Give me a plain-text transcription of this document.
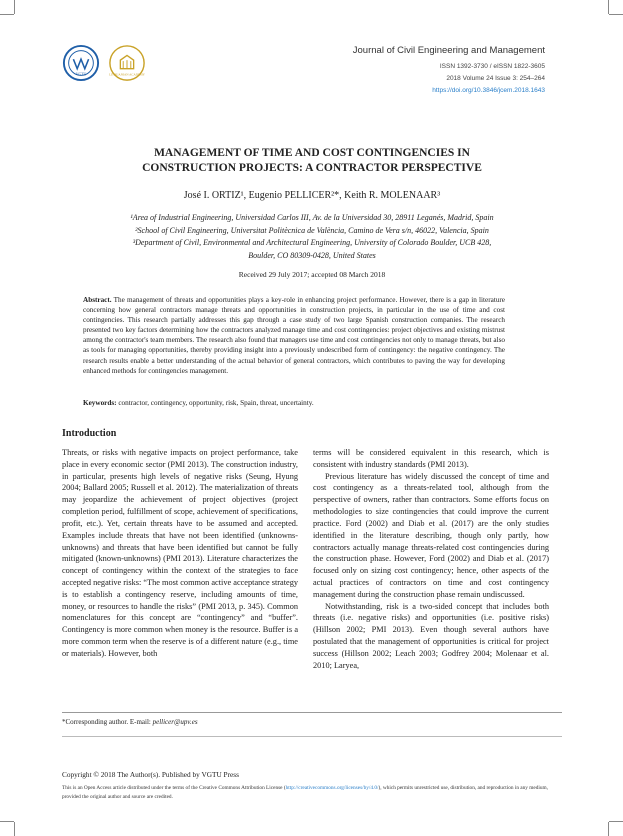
VGTU	LITHUANIAN ACADEMY
Journal of Civil Engineering and Management
ISSN 1392-3730 / eISSN 1822-3605
2018 Volume 24 Issue 3: 254–264
https://doi.org/10.3846/jcem.2018.1643
MANAGEMENT OF TIME AND COST CONTINGENCIES IN
CONSTRUCTION PROJECTS: A CONTRACTOR PERSPECTIVE
José I. ORTIZ¹, Eugenio PELLICER²*, Keith R. MOLENAAR³
¹Area of Industrial Engineering, Universidad Carlos III, Av. de la Universidad 30, 28911 Leganés, Madrid, Spain
²School of Civil Engineering, Universitat Politècnica de València, Camino de Vera s/n, 46022, Valencia, Spain
³Department of Civil, Environmental and Architectural Engineering, University of Colorado Boulder, UCB 428,
Boulder, CO 80309-0428, United States
Received 29 July 2017; accepted 08 March 2018
Abstract. The management of threats and opportunities plays a key-role in enhancing project performance. However, there is a gap in literature concerning how general contractors manage threats and opportunities in construction projects, in particular in the use of time and cost contingencies. This research partially addresses this gap through a case study of two large Spanish construction companies. The research presented two key factors determining how the contractors analyzed manage time and cost contingencies: project objectives and existing mistrust among the contractor's team members. The research also found that managers use time and cost contingencies not only to manage threats, but also as tools for managing opportunities, thereby providing insight into a previously undescribed form of contingency: the negative contingency. The research results enable a better understanding of the actual behavior of general contractors, which contributes to paving the way for developing enhanced methods for contingencies management.
Keywords: contractor, contingency, opportunity, risk, Spain, threat, uncertainty.
Introduction

Threats, or risks with negative impacts on project performance, take place in every economic sector (PMI 2013). The construction industry, in particular, presents high levels of negative risks (Seung, Hyung 2004; Ballard 2005; Russell et al. 2012). The materialization of threats may jeopardize the achievement of project objectives (project completion period, fulfillment of scope, achievement of specifications, profit, etc.). Yet, certain threats have to be assumed and accepted. Examples include threats that have not been identified (unknowns-unknowns) and threats that have been identified but cannot be fully mitigated (known-unknowns) (PMI 2013). Literature characterizes the concept of contingency within the context of the strategies to face accepted negative risks: “The most common active acceptance strategy is to establish a contingency reserve, including amounts of time, money, or resources to handle the risks” (PMI 2013, p. 345). Common nomenclatures for this concept are “contingency” and “buffer”. Contingency is more common when money is the resource. Buffer is a more common term when the reserve is of a different nature (e.g., time or materials). However, both

terms will be considered equivalent in this research, which is consistent with industry standards (PMI 2013).

Previous literature has widely discussed the concept of time and cost contingency as a threats-related tool, although from the perspective of owners, rather than contractors. Some efforts focus on methodologies to size contingencies that could improve the current practice. Ford (2002) and Diab et al. (2017) are the only studies identified in the literature describing, though only partly, how contractors actually manage threats-related cost contingencies during the construction phase. However, Ford (2002) and Diab et al. (2017) focused only on sizing cost contingency; hence, other aspects of the actual practices of contractors on time and cost contingency management during the construction phase remain undiscussed.

Notwithstanding, risk is a two-sided concept that includes both threats (i.e. negative risks) and opportunities (i.e. positive risks) (Hillson 2002; PMI 2013). Even though several authors have postulated that the management of opportunities is critical for project success (Hillson 2002; Leach 2003; Godfrey 2004; Molenaar et al. 2010; Laryea,

*Corresponding author. E-mail: pellicer@upv.es
Copyright © 2018 The Author(s). Published by VGTU Press
This is an Open Access article distributed under the terms of the Creative Commons Attribution License (http://creativecommons.org/licenses/by/4.0/), which permits unrestricted use, distribution, and reproduction in any medium, provided the original author and source are credited.
